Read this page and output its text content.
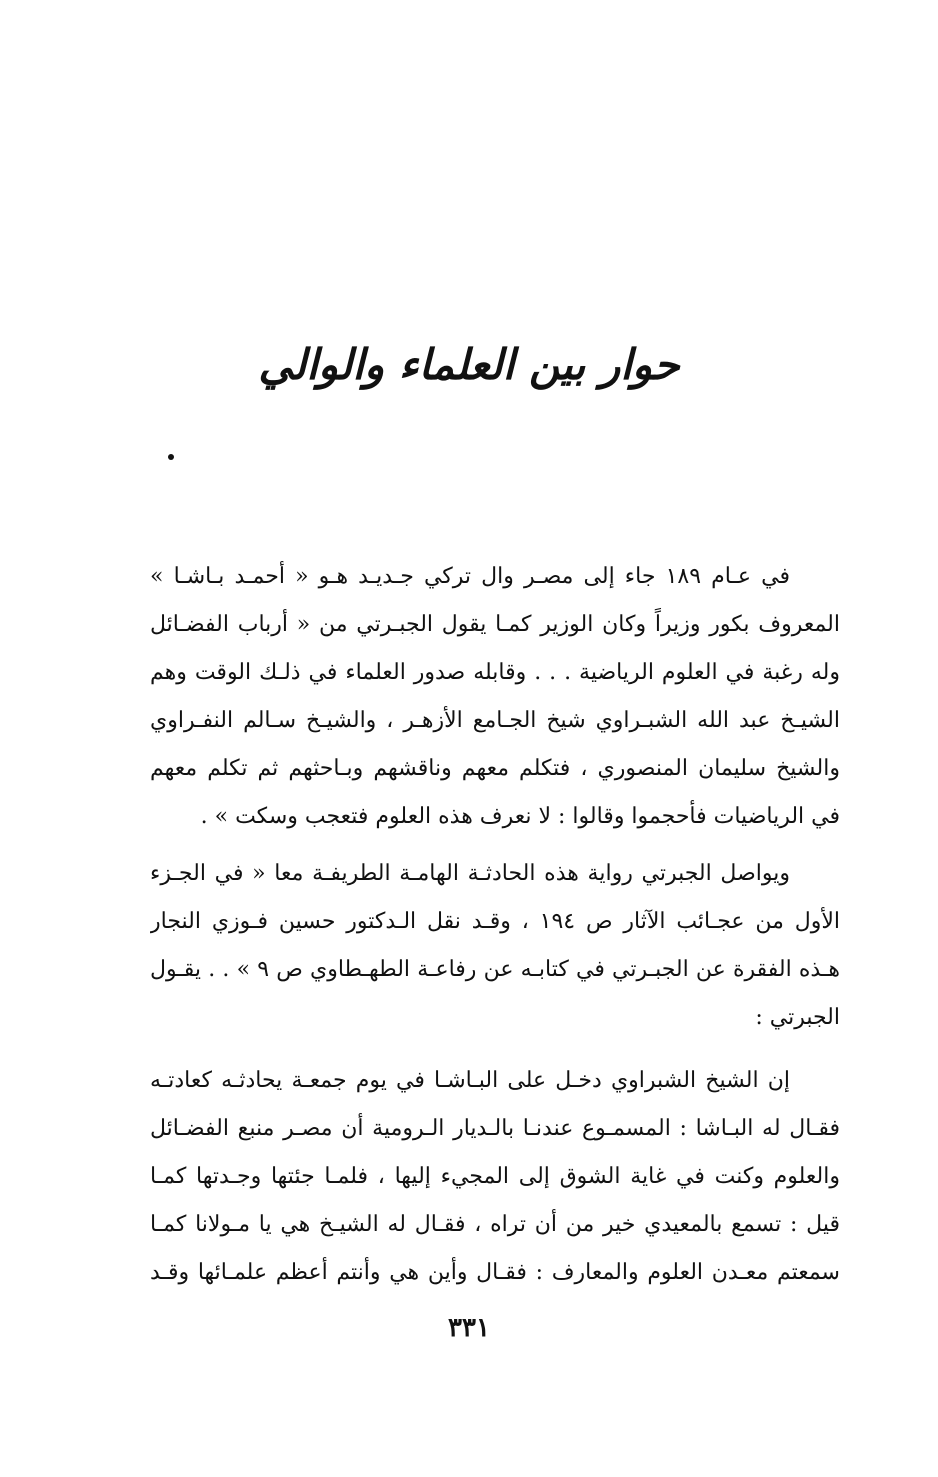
حوار بين العلماء والوالي
في عـام ١٨٩ جاء إلى مصـر وال تركي جـديـد هـو « أحمـد بـاشـا »
المعروف بكور وزيراً وكان الوزير كمـا يقول الجبـرتي من « أرباب الفضـائل
وله رغبة في العلوم الرياضية . . . وقابله صدور العلماء في ذلـك الوقت وهم
الشيـخ عبد الله الشبـراوي شيخ الجـامع الأزهـر ، والشيـخ سـالم النفـراوي
والشيخ سليمان المنصوري ، فتكلم معهم وناقشهم وبـاحثهم ثم تكلم معهم
في الرياضيات فأحجموا وقالوا : لا نعرف هذه العلوم فتعجب وسكت » .
ويواصل الجبرتي رواية هذه الحادثـة الهامـة الطريفـة معا « في الجـزء
الأول من عجـائب الآثار ص ١٩٤ ، وقـد نقل الـدكتور حسين فـوزي النجار
هـذه الفقرة عن الجبـرتي في كتابـه عن رفاعـة الطهـطاوي ص ٩ » . . يقـول
الجبرتي :
إن الشيخ الشبراوي دخـل على البـاشـا في يوم جمعـة يحادثـه كعادتـه
فقـال له البـاشا : المسمـوع عندنـا بالـديار الـرومية أن مصـر منبع الفضـائل
والعلوم وكنت في غاية الشوق إلى المجيء إليها ، فلمـا جئتها وجـدتها كمـا
قيل : تسمع بالمعيدي خير من أن تراه ، فقـال له الشيـخ هي يا مـولانا كمـا
سمعتم معـدن العلوم والمعارف : فقـال وأين هي وأنتم أعظم علمـائها وقـد
٣٣١
